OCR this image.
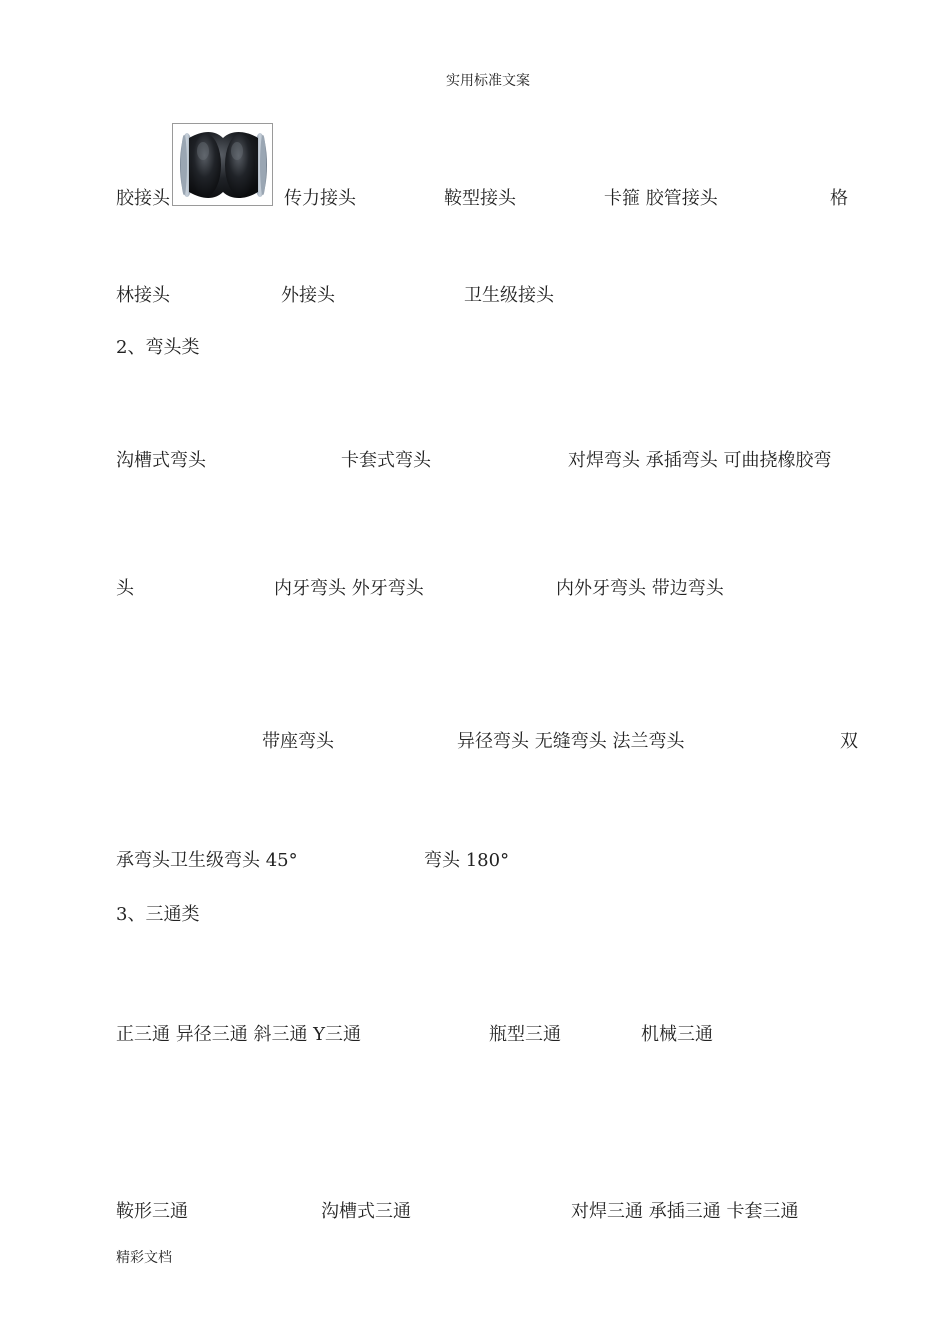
实用标准文案
胶接头	传力接头	鞍型接头	卡箍 胶管接头	格
林接头	外接头	卫生级接头
2、弯头类
沟槽式弯头	卡套式弯头	对焊弯头 承插弯头 可曲挠橡胶弯
头	内牙弯头 外牙弯头	内外牙弯头 带边弯头
带座弯头	异径弯头 无缝弯头 法兰弯头	双
承弯头卫生级弯头 45°	弯头 180°
3、三通类
正三通 异径三通 斜三通 Y三通	瓶型三通	机械三通
鞍形三通	沟槽式三通	对焊三通 承插三通 卡套三通
精彩文档
